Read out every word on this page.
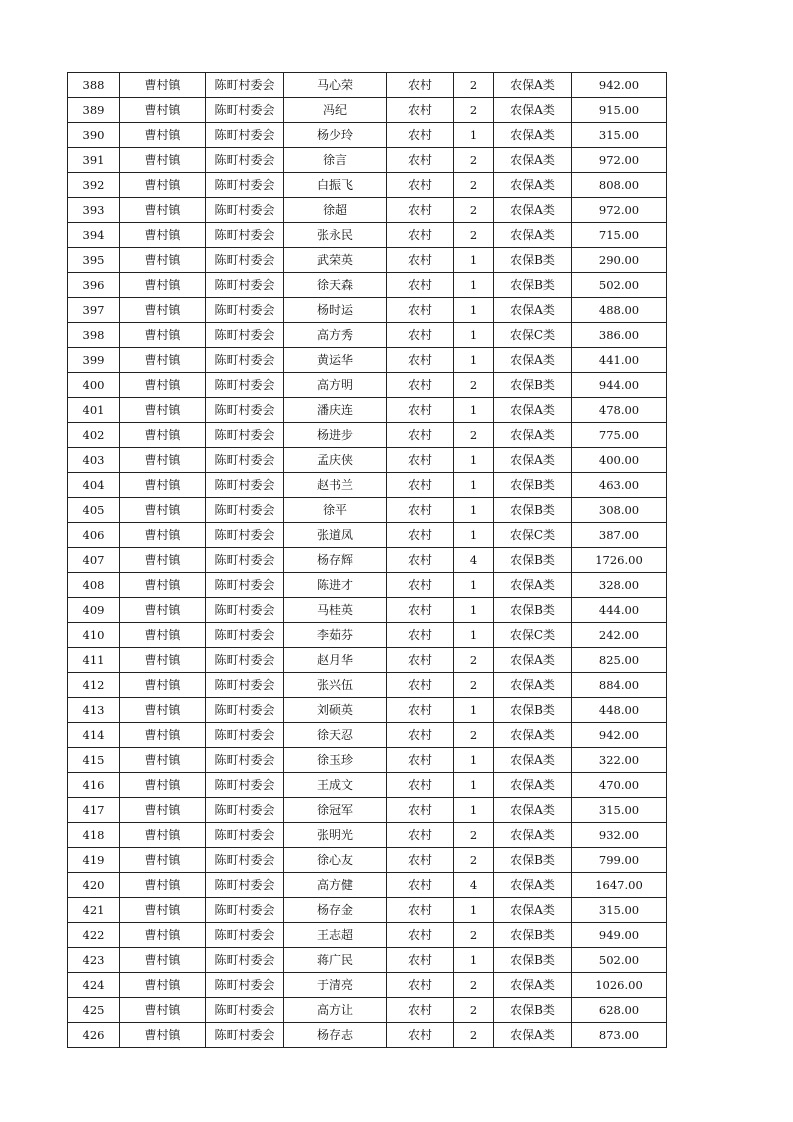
388	曹村镇	陈町村委会	马心荣	农村	2	农保A类	942.00
389	曹村镇	陈町村委会	冯纪	农村	2	农保A类	915.00
390	曹村镇	陈町村委会	杨少玲	农村	1	农保A类	315.00
391	曹村镇	陈町村委会	徐言	农村	2	农保A类	972.00
392	曹村镇	陈町村委会	白振飞	农村	2	农保A类	808.00
393	曹村镇	陈町村委会	徐超	农村	2	农保A类	972.00
394	曹村镇	陈町村委会	张永民	农村	2	农保A类	715.00
395	曹村镇	陈町村委会	武荣英	农村	1	农保B类	290.00
396	曹村镇	陈町村委会	徐天森	农村	1	农保B类	502.00
397	曹村镇	陈町村委会	杨时运	农村	1	农保A类	488.00
398	曹村镇	陈町村委会	高方秀	农村	1	农保C类	386.00
399	曹村镇	陈町村委会	黄运华	农村	1	农保A类	441.00
400	曹村镇	陈町村委会	高方明	农村	2	农保B类	944.00
401	曹村镇	陈町村委会	潘庆连	农村	1	农保A类	478.00
402	曹村镇	陈町村委会	杨进步	农村	2	农保A类	775.00
403	曹村镇	陈町村委会	孟庆侠	农村	1	农保A类	400.00
404	曹村镇	陈町村委会	赵书兰	农村	1	农保B类	463.00
405	曹村镇	陈町村委会	徐平	农村	1	农保B类	308.00
406	曹村镇	陈町村委会	张道凤	农村	1	农保C类	387.00
407	曹村镇	陈町村委会	杨存辉	农村	4	农保B类	1726.00
408	曹村镇	陈町村委会	陈进才	农村	1	农保A类	328.00
409	曹村镇	陈町村委会	马桂英	农村	1	农保B类	444.00
410	曹村镇	陈町村委会	李茹芬	农村	1	农保C类	242.00
411	曹村镇	陈町村委会	赵月华	农村	2	农保A类	825.00
412	曹村镇	陈町村委会	张兴伍	农村	2	农保A类	884.00
413	曹村镇	陈町村委会	刘硕英	农村	1	农保B类	448.00
414	曹村镇	陈町村委会	徐天忍	农村	2	农保A类	942.00
415	曹村镇	陈町村委会	徐玉珍	农村	1	农保A类	322.00
416	曹村镇	陈町村委会	王成文	农村	1	农保A类	470.00
417	曹村镇	陈町村委会	徐冠军	农村	1	农保A类	315.00
418	曹村镇	陈町村委会	张明光	农村	2	农保A类	932.00
419	曹村镇	陈町村委会	徐心友	农村	2	农保B类	799.00
420	曹村镇	陈町村委会	高方健	农村	4	农保A类	1647.00
421	曹村镇	陈町村委会	杨存金	农村	1	农保A类	315.00
422	曹村镇	陈町村委会	王志超	农村	2	农保B类	949.00
423	曹村镇	陈町村委会	蒋广民	农村	1	农保B类	502.00
424	曹村镇	陈町村委会	于清亮	农村	2	农保A类	1026.00
425	曹村镇	陈町村委会	高方让	农村	2	农保B类	628.00
426	曹村镇	陈町村委会	杨存志	农村	2	农保A类	873.00
